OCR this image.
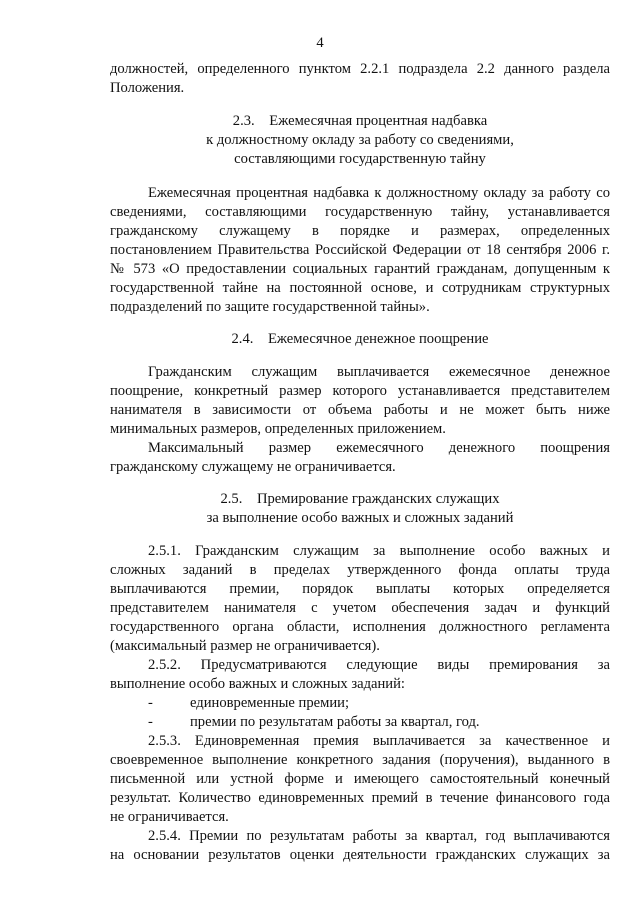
4
должностей, определенного пунктом 2.2.1 подраздела 2.2 данного раздела
Положения.
2.3.    Ежемесячная процентная надбавка
к должностному окладу за работу со сведениями,
составляющими государственную тайну
Ежемесячная процентная надбавка к должностному окладу за работу со
сведениями, составляющими государственную тайну, устанавливается
гражданскому служащему в порядке и размерах, определенных
постановлением Правительства Российской Федерации от 18 сентября 2006 г.
№ 573 «О предоставлении социальных гарантий гражданам, допущенным к
государственной тайне на постоянной основе, и сотрудникам структурных
подразделений по защите государственной тайны».
2.4.    Ежемесячное денежное поощрение
Гражданским служащим выплачивается ежемесячное денежное
поощрение, конкретный размер которого устанавливается представителем
нанимателя в зависимости от объема работы и не может быть ниже
минимальных размеров, определенных приложением.
Максимальный размер ежемесячного денежного поощрения
гражданскому служащему не ограничивается.
2.5.    Премирование гражданских служащих
за выполнение особо важных и сложных заданий
2.5.1. Гражданским служащим за выполнение особо важных и
сложных заданий в пределах утвержденного фонда оплаты труда
выплачиваются премии, порядок выплаты которых определяется
представителем нанимателя с учетом обеспечения задач и функций
государственного органа области, исполнения должностного регламента
(максимальный размер не ограничивается).
2.5.2. Предусматриваются следующие виды премирования за
выполнение особо важных и сложных заданий:
-	единовременные премии;
-	премии по результатам работы за квартал, год.
2.5.3. Единовременная премия выплачивается за качественное и
своевременное выполнение конкретного задания (поручения), выданного в
письменной или устной форме и имеющего самостоятельный конечный
результат. Количество единовременных премий в течение финансового года
не ограничивается.
2.5.4. Премии по результатам работы за квартал, год выплачиваются
на основании результатов оценки деятельности гражданских служащих за
